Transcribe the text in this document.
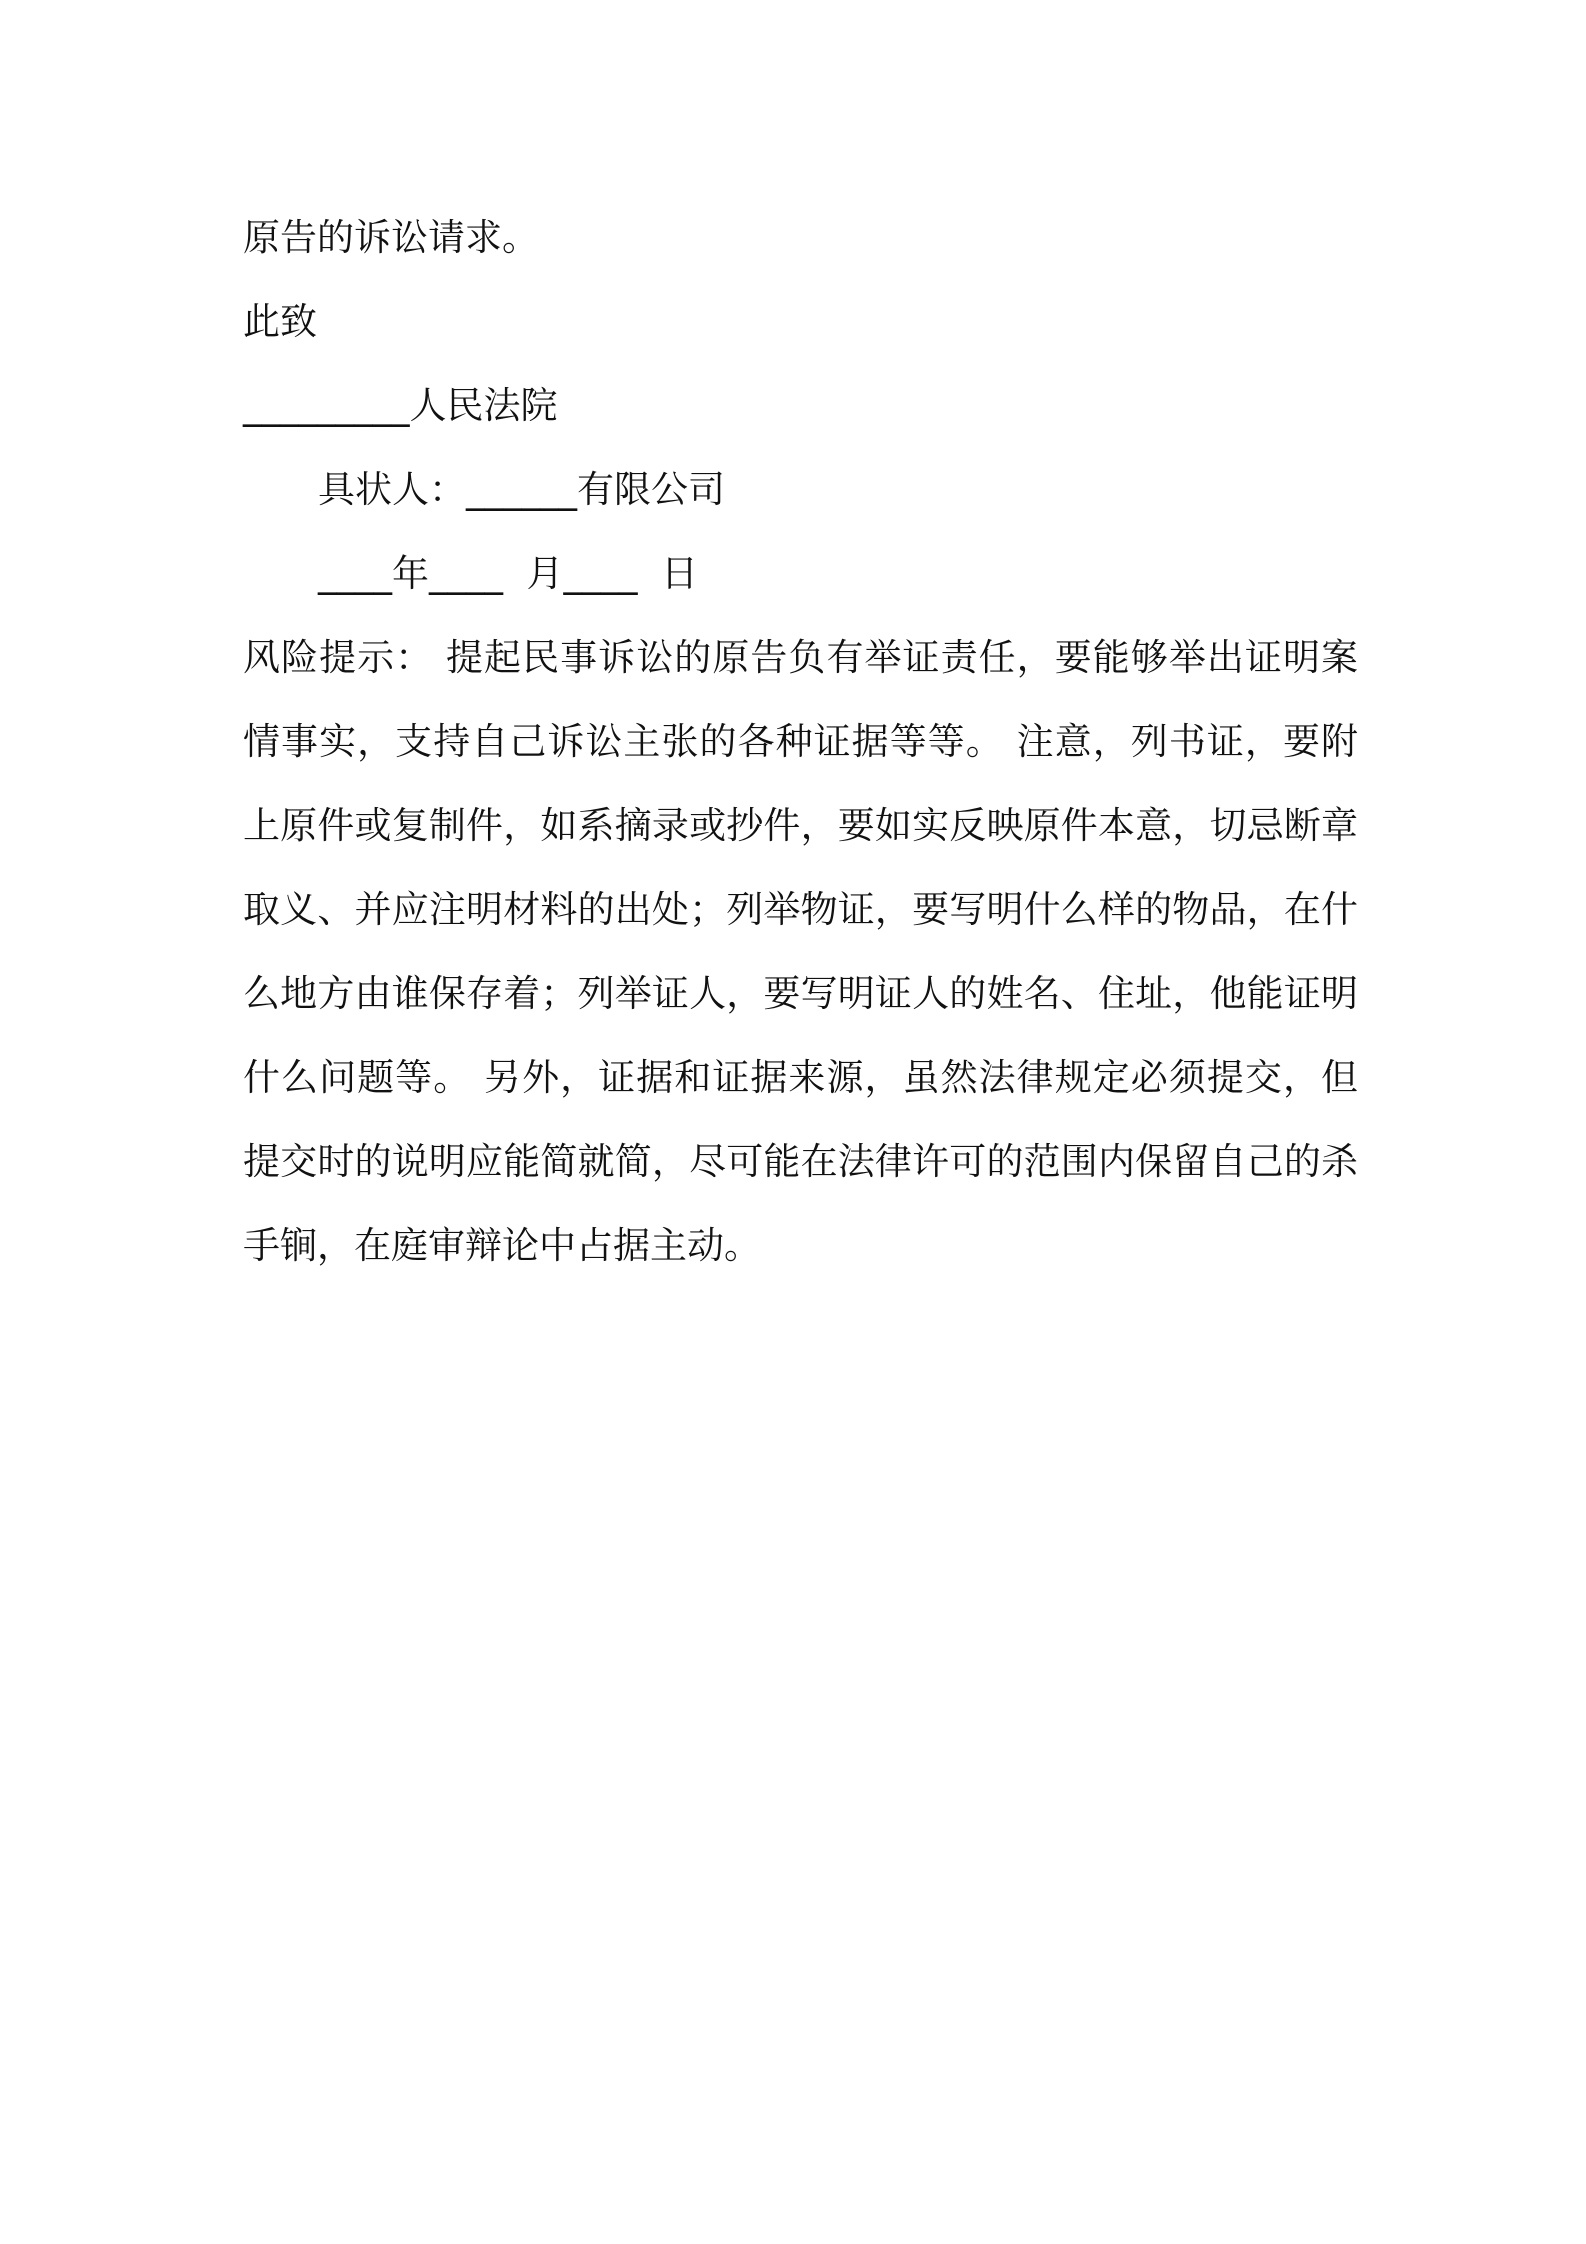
原告的诉讼请求。
此致
_________人民法院
具状人：______有限公司
____年____  月____  日
风险提示： 提起民事诉讼的原告负有举证责任，要能够举出证明案情事实，支持自己诉讼主张的各种证据等等。 注意，列书证，要附上原件或复制件，如系摘录或抄件，要如实反映原件本意，切忌断章取义、并应注明材料的出处；列举物证，要写明什么样的物品，在什么地方由谁保存着；列举证人，要写明证人的姓名、住址，他能证明什么问题等。 另外，证据和证据来源，虽然法律规定必须提交，但提交时的说明应能简就简，尽可能在法律许可的范围内保留自己的杀手锏，在庭审辩论中占据主动。
